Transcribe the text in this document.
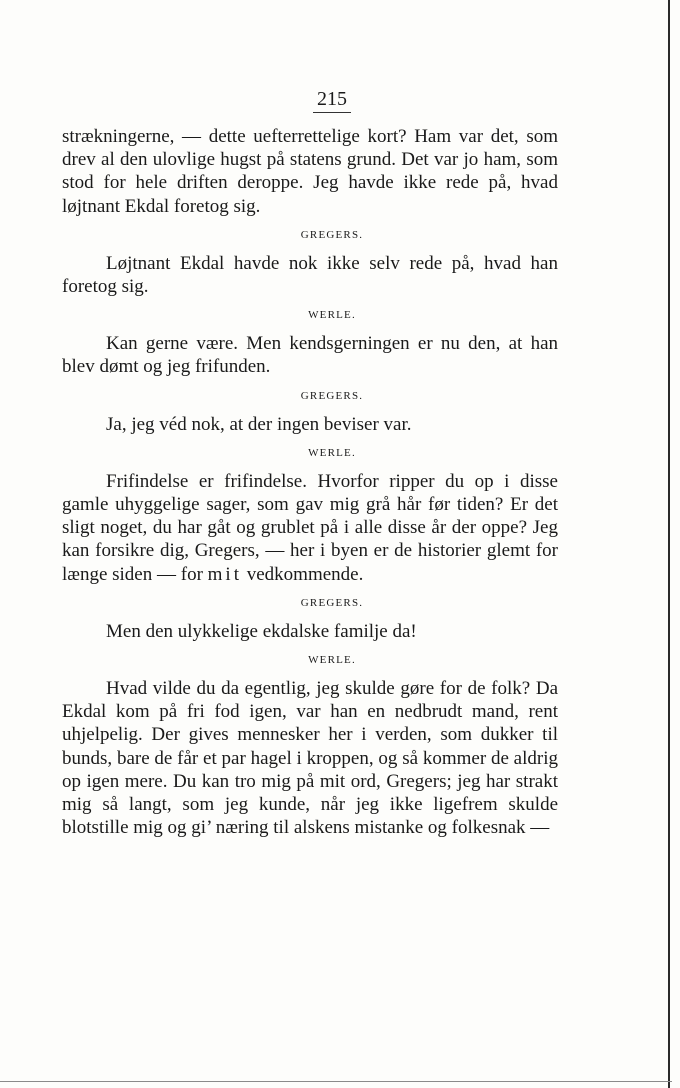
215

strækningerne, — dette uefterrettelige kort? Ham var det, som drev al den ulovlige hugst på statens grund. Det var jo ham, som stod for hele driften deroppe. Jeg havde ikke rede på, hvad løjtnant Ekdal foretog sig.

GREGERS.

Løjtnant Ekdal havde nok ikke selv rede på, hvad han foretog sig.

WERLE.

Kan gerne være. Men kendsgerningen er nu den, at han blev dømt og jeg frifunden.

GREGERS.

Ja, jeg véd nok, at der ingen beviser var.

WERLE.

Frifindelse er frifindelse. Hvorfor ripper du op i disse gamle uhyggelige sager, som gav mig grå hår før tiden? Er det sligt noget, du har gåt og grublet på i alle disse år der oppe? Jeg kan forsikre dig, Gregers, — her i byen er de historier glemt for længe siden — for mit vedkommende.

GREGERS.

Men den ulykkelige ekdalske familje da!

WERLE.

Hvad vilde du da egentlig, jeg skulde gøre for de folk? Da Ekdal kom på fri fod igen, var han en nedbrudt mand, rent uhjelpelig. Der gives mennesker her i verden, som dukker til bunds, bare de får et par hagel i kroppen, og så kommer de aldrig op igen mere. Du kan tro mig på mit ord, Gregers; jeg har strakt mig så langt, som jeg kunde, når jeg ikke ligefrem skulde blotstille mig og gi’ næring til alskens mistanke og folkesnak —
